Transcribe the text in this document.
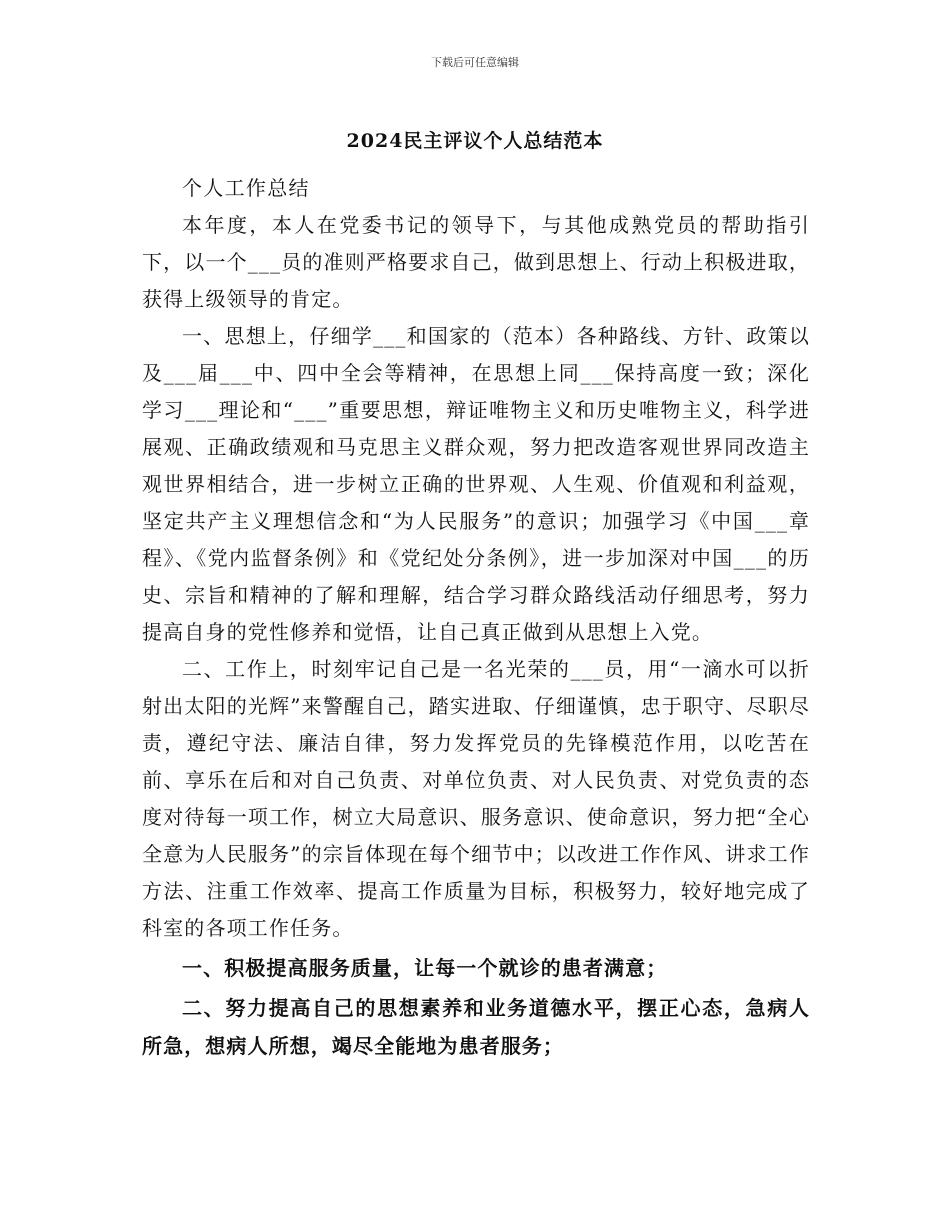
下载后可任意编辑
2024民主评议个人总结范本

个人工作总结

本年度，本人在党委书记的领导下，与其他成熟党员的帮助指引下，以一个___员的准则严格要求自己，做到思想上、行动上积极进取，获得上级领导的肯定。

一、思想上，仔细学___和国家的（范本）各种路线、方针、政策以及___届___中、四中全会等精神，在思想上同___保持高度一致；深化学习___理论和“___”重要思想，辩证唯物主义和历史唯物主义，科学进展观、正确政绩观和马克思主义群众观，努力把改造客观世界同改造主观世界相结合，进一步树立正确的世界观、人生观、价值观和利益观，坚定共产主义理想信念和“为人民服务”的意识；加强学习《中国___章程》、《党内监督条例》和《党纪处分条例》，进一步加深对中国___的历史、宗旨和精神的了解和理解，结合学习群众路线活动仔细思考，努力提高自身的党性修养和觉悟，让自己真正做到从思想上入党。

二、工作上，时刻牢记自己是一名光荣的___员，用“一滴水可以折射出太阳的光辉”来警醒自己，踏实进取、仔细谨慎，忠于职守、尽职尽责，遵纪守法、廉洁自律，努力发挥党员的先锋模范作用，以吃苦在前、享乐在后和对自己负责、对单位负责、对人民负责、对党负责的态度对待每一项工作，树立大局意识、服务意识、使命意识，努力把“全心全意为人民服务”的宗旨体现在每个细节中；以改进工作作风、讲求工作方法、注重工作效率、提高工作质量为目标，积极努力，较好地完成了科室的各项工作任务。

一、积极提高服务质量，让每一个就诊的患者满意；

二、努力提高自己的思想素养和业务道德水平，摆正心态，急病人所急，想病人所想，竭尽全能地为患者服务；
